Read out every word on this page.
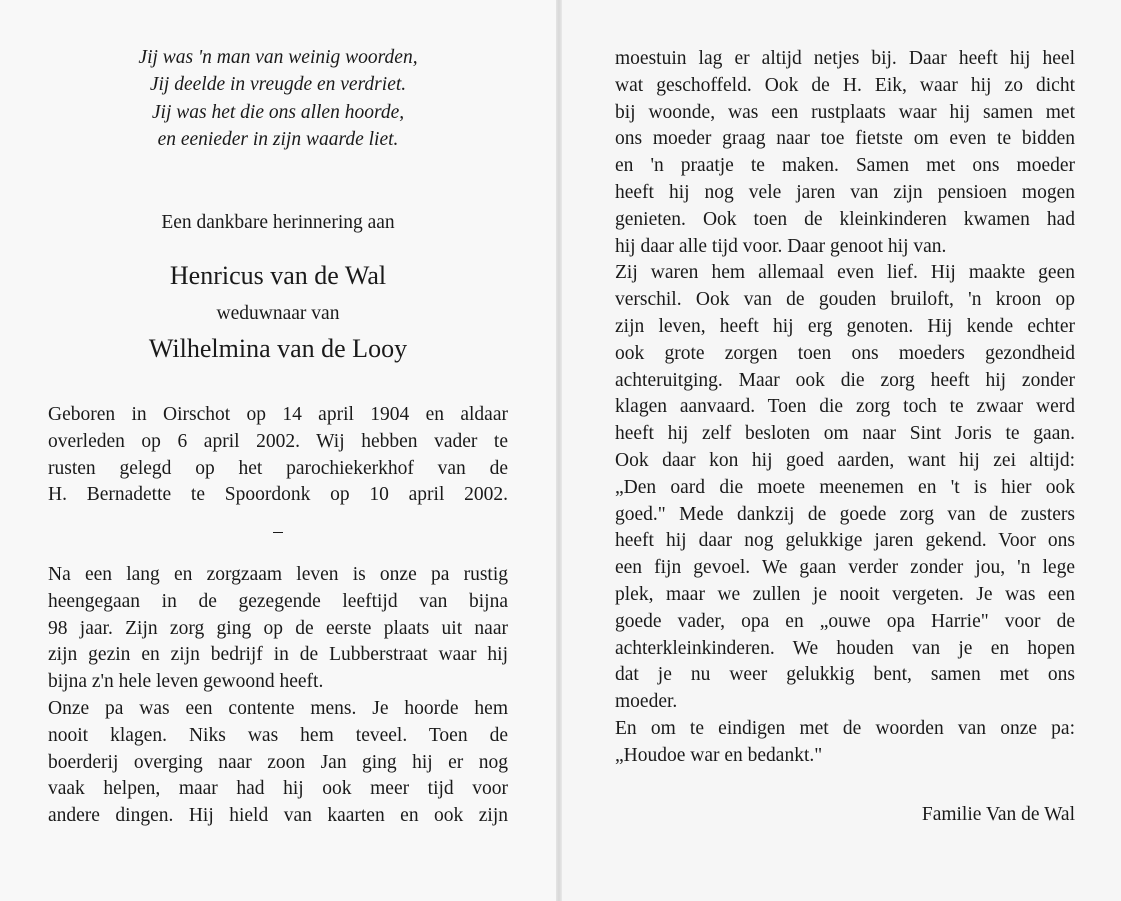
Jij was 'n man van weinig woorden,
Jij deelde in vreugde en verdriet.
Jij was het die ons allen hoorde,
en eenieder in zijn waarde liet.
Een dankbare herinnering aan
Henricus van de Wal
weduwnaar van
Wilhelmina van de Looy
Geboren in Oirschot op 14 april 1904 en aldaar
overleden op 6 april 2002. Wij hebben vader te
rusten gelegd op het parochiekerkhof van de
H. Bernadette te Spoordonk op 10 april 2002.
–
Na een lang en zorgzaam leven is onze pa rustig
heengegaan in de gezegende leeftijd van bijna
98 jaar. Zijn zorg ging op de eerste plaats uit naar
zijn gezin en zijn bedrijf in de Lubberstraat waar hij
bijna z'n hele leven gewoond heeft.
Onze pa was een contente mens. Je hoorde hem
nooit klagen. Niks was hem teveel. Toen de
boerderij overging naar zoon Jan ging hij er nog
vaak helpen, maar had hij ook meer tijd voor
andere dingen. Hij hield van kaarten en ook zijn
moestuin lag er altijd netjes bij. Daar heeft hij heel
wat geschoffeld. Ook de H. Eik, waar hij zo dicht
bij woonde, was een rustplaats waar hij samen met
ons moeder graag naar toe fietste om even te bidden
en 'n praatje te maken. Samen met ons moeder
heeft hij nog vele jaren van zijn pensioen mogen
genieten. Ook toen de kleinkinderen kwamen had
hij daar alle tijd voor. Daar genoot hij van.
Zij waren hem allemaal even lief. Hij maakte geen
verschil. Ook van de gouden bruiloft, 'n kroon op
zijn leven, heeft hij erg genoten. Hij kende echter
ook grote zorgen toen ons moeders gezondheid
achteruitging. Maar ook die zorg heeft hij zonder
klagen aanvaard. Toen die zorg toch te zwaar werd
heeft hij zelf besloten om naar Sint Joris te gaan.
Ook daar kon hij goed aarden, want hij zei altijd:
„Den oard die moete meenemen en 't is hier ook
goed." Mede dankzij de goede zorg van de zusters
heeft hij daar nog gelukkige jaren gekend. Voor ons
een fijn gevoel. We gaan verder zonder jou, 'n lege
plek, maar we zullen je nooit vergeten. Je was een
goede vader, opa en „ouwe opa Harrie" voor de
achterkleinkinderen. We houden van je en hopen
dat je nu weer gelukkig bent, samen met ons
moeder.
En om te eindigen met de woorden van onze pa:
„Houdoe war en bedankt."
Familie Van de Wal
